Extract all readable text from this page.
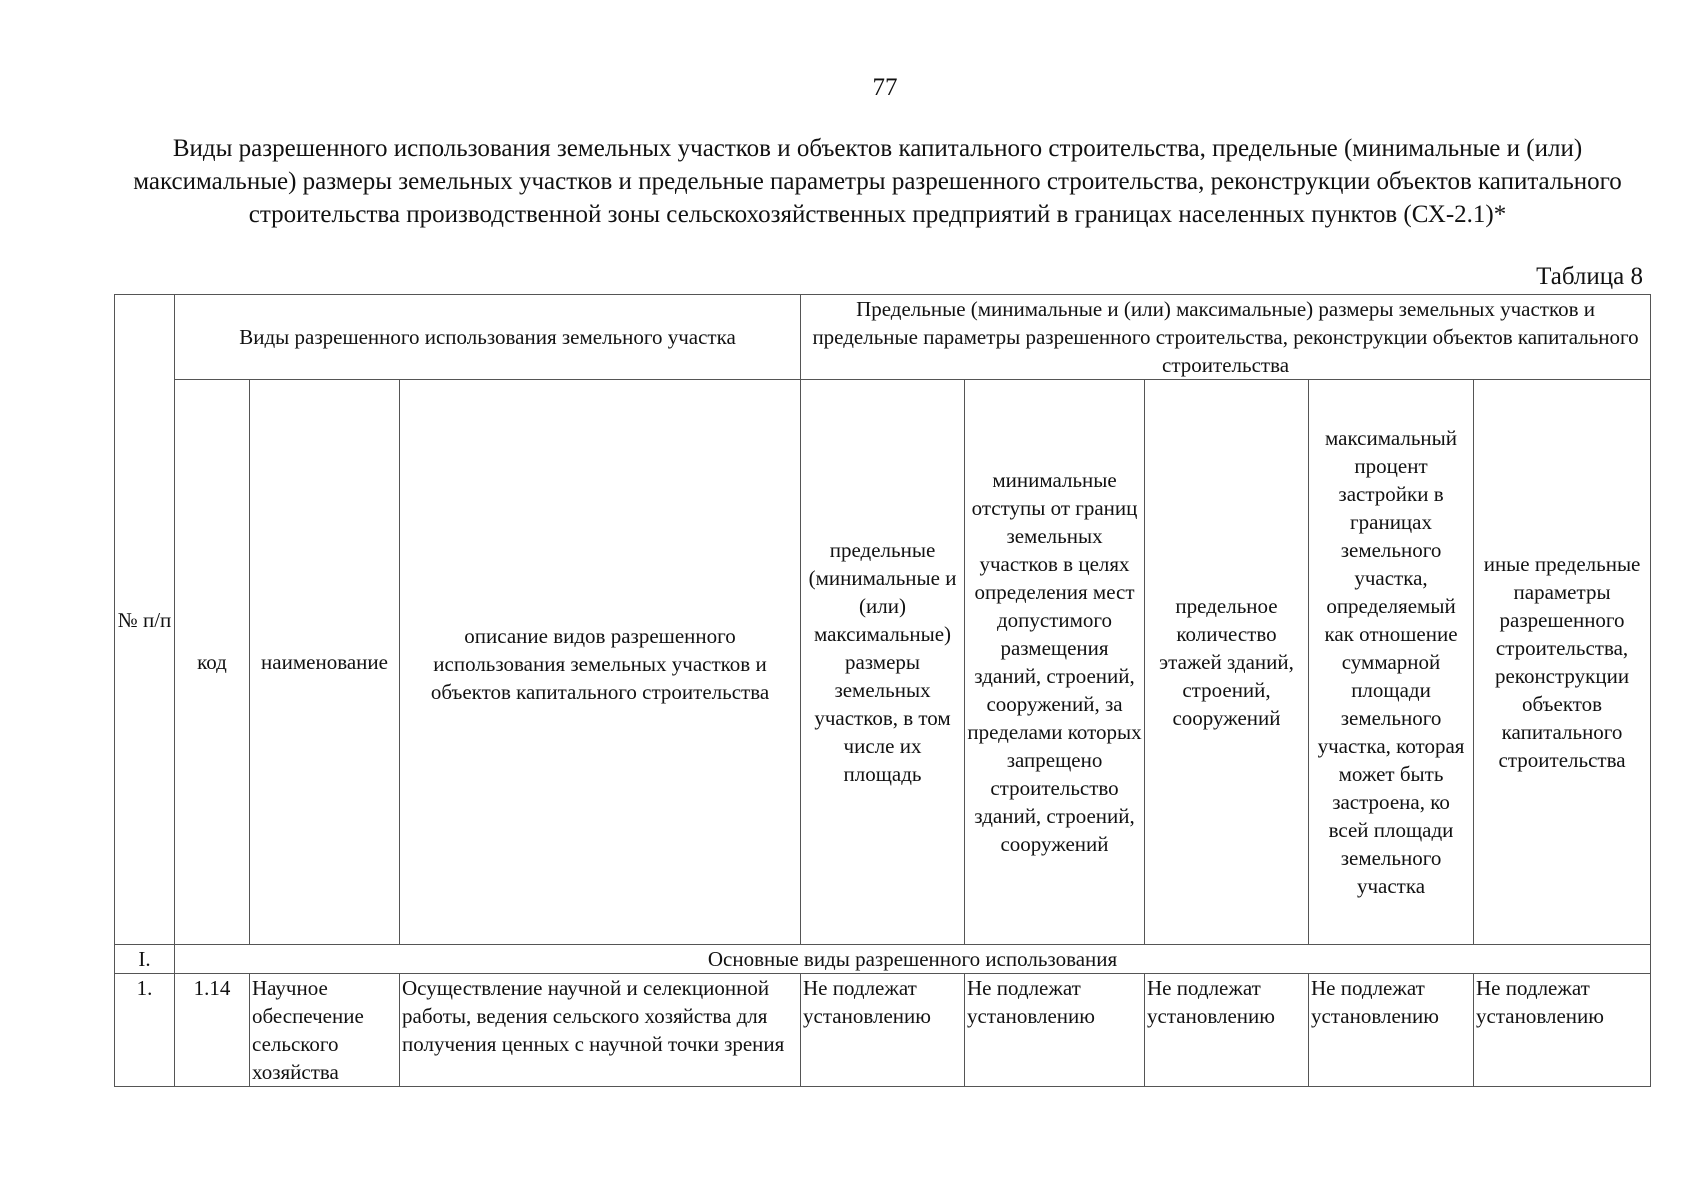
77
Виды разрешенного использования земельных участков и объектов капитального строительства, предельные (минимальные и (или) максимальные) размеры земельных участков и предельные параметры разрешенного строительства, реконструкции объектов капитального строительства производственной зоны сельскохозяйственных предприятий в границах населенных пунктов (СХ-2.1)*
Таблица 8
№ п/п	Виды разрешенного использования земельного участка			Предельные (минимальные и (или) максимальные) размеры земельных участков и предельные параметры разрешенного строительства, реконструкции объектов капитального строительства				
	код	наименование	описание видов разрешенного использования земельных участков и объектов капитального строительства	предельные (минимальные и (или) максимальные) размеры земельных участков, в том числе их площадь	минимальные отступы от границ земельных участков в целях определения мест допустимого размещения зданий, строений, сооружений, за пределами которых запрещено строительство зданий, строений, сооружений	предельное количество этажей зданий, строений, сооружений	максимальный процент застройки в границах земельного участка, определяемый как отношение суммарной площади земельного участка, которая может быть застроена, ко всей площади земельного участка	иные предельные параметры разрешенного строительства, реконструкции объектов капитального строительства
I.	Основные виды разрешенного использования							
1.	1.14	Научное обеспечение сельского хозяйства	Осуществление научной и селекционной работы, ведения сельского хозяйства для получения ценных с научной точки зрения	Не подлежат установлению	Не подлежат установлению	Не подлежат установлению	Не подлежат установлению	Не подлежат установлению
